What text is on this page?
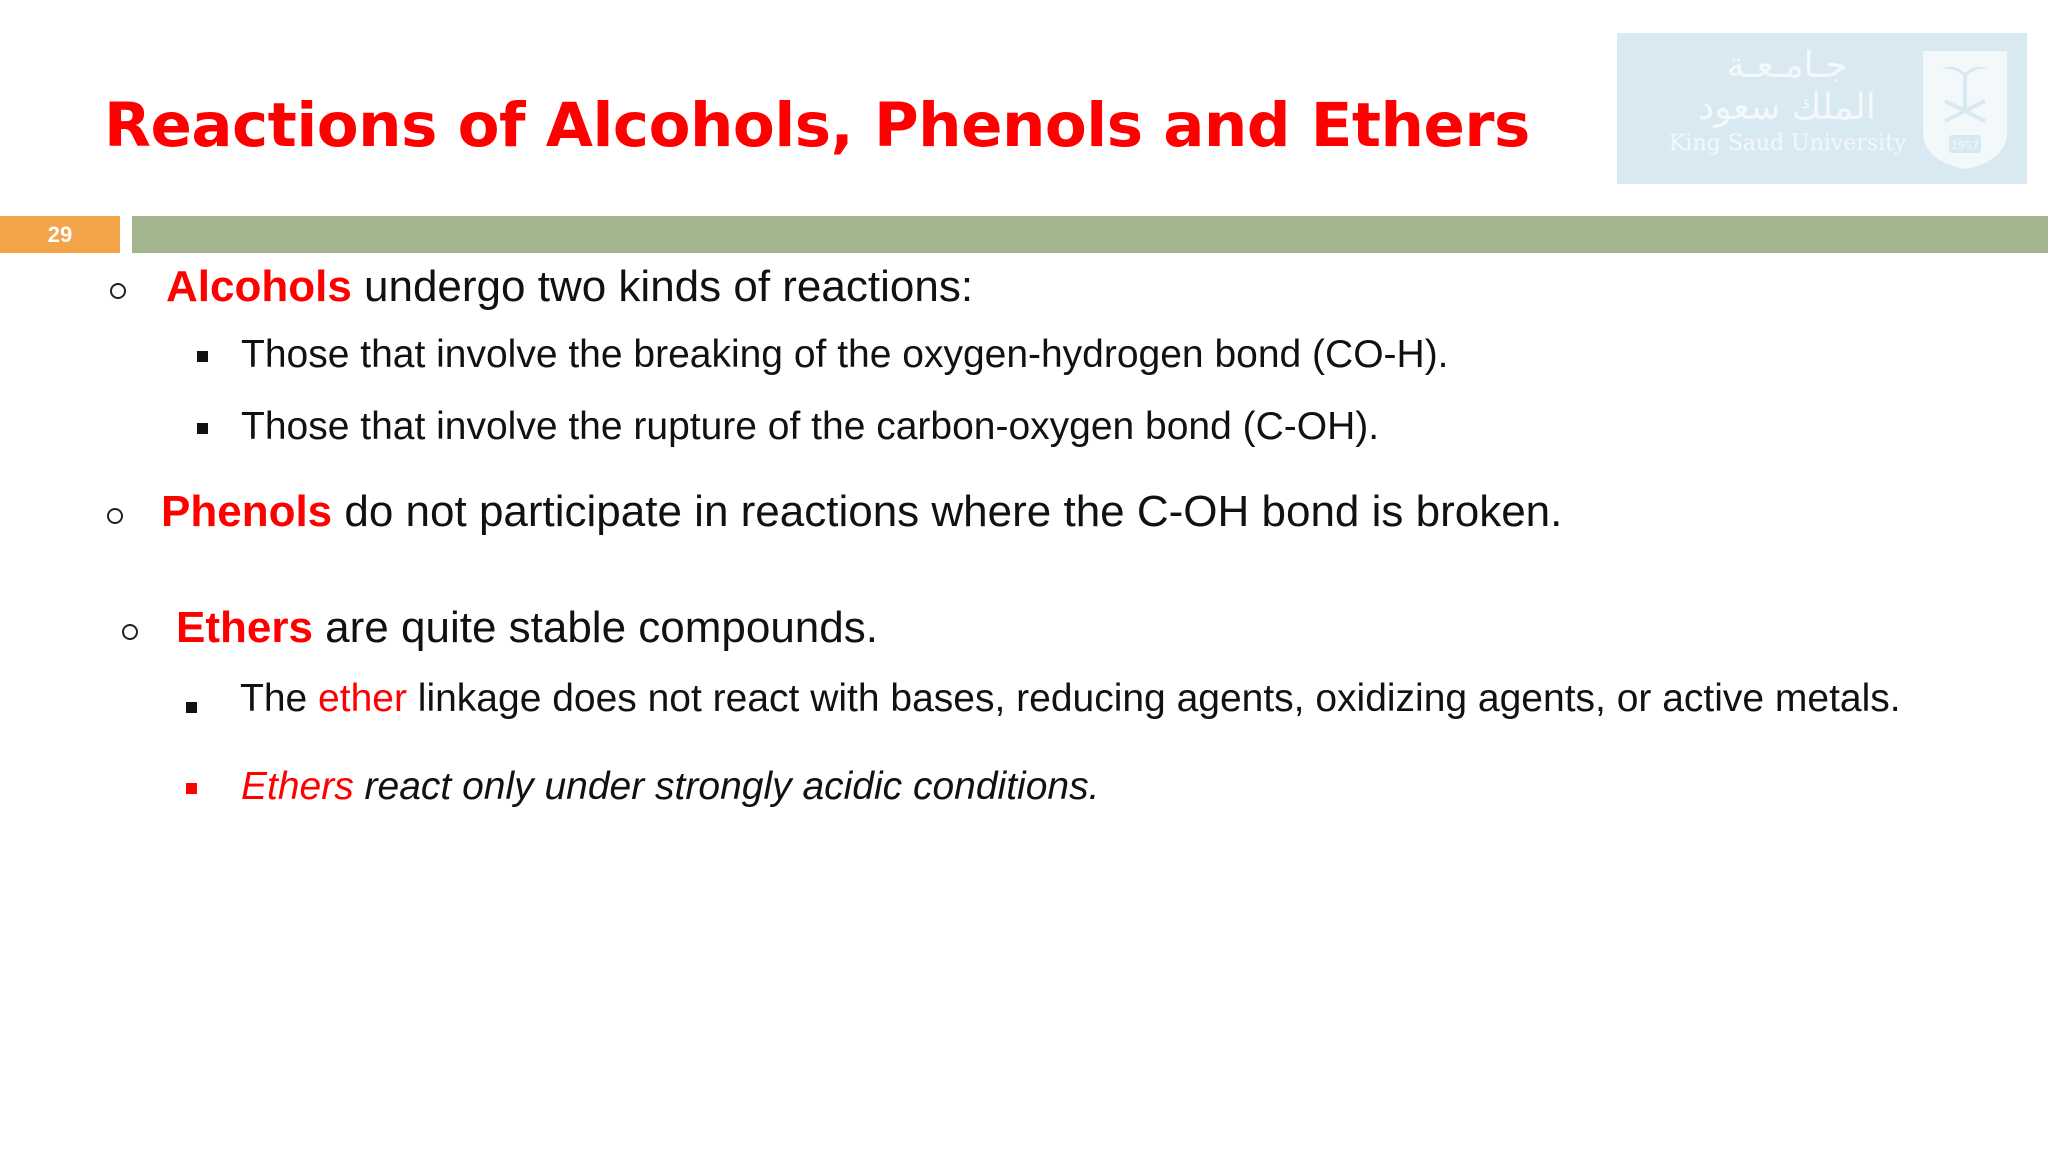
Reactions of Alcohols, Phenols and Ethers
جـامـعـة
الملك سعود
King Saud University	1957
29
Alcohols undergo two kinds of reactions:
Those that involve the breaking of the oxygen-hydrogen bond (CO-H).
Those that involve the rupture of the carbon-oxygen bond (C-OH).
Phenols do not participate in reactions where the C-OH bond is broken.
Ethers are quite stable compounds.
The ether linkage does not react with bases, reducing agents, oxidizing agents, or active metals.
Ethers react only under strongly acidic conditions.
